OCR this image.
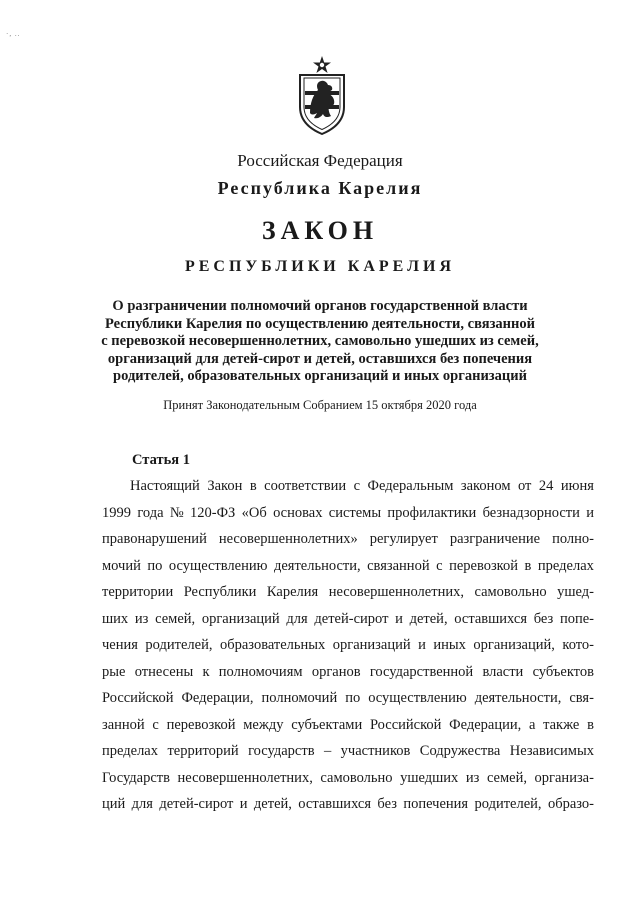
·, ..
Российская Федерация
Республика Карелия
ЗАКОН
РЕСПУБЛИКИ КАРЕЛИЯ
О разграничении полномочий органов государственной власти
Республики Карелия по осуществлению деятельности, связанной
с перевозкой несовершеннолетних, самовольно ушедших из семей,
организаций для детей-сирот и детей, оставшихся без попечения
родителей, образовательных организаций и иных организаций
Принят Законодательным Собранием 15 октября 2020 года
Статья 1
Настоящий Закон в соответствии с Федеральным законом от 24 июня
1999 года № 120-ФЗ «Об основах системы профилактики безнадзорности и
правонарушений несовершеннолетних» регулирует разграничение полно-
мочий по осуществлению деятельности, связанной с перевозкой в пределах
территории Республики Карелия несовершеннолетних, самовольно ушед-
ших из семей, организаций для детей-сирот и детей, оставшихся без попе-
чения родителей, образовательных организаций и иных организаций, кото-
рые отнесены к полномочиям органов государственной власти субъектов
Российской Федерации, полномочий по осуществлению деятельности, свя-
занной с перевозкой между субъектами Российской Федерации, а также в
пределах территорий государств – участников Содружества Независимых
Государств несовершеннолетних, самовольно ушедших из семей, организа-
ций для детей-сирот и детей, оставшихся без попечения родителей, образо-
